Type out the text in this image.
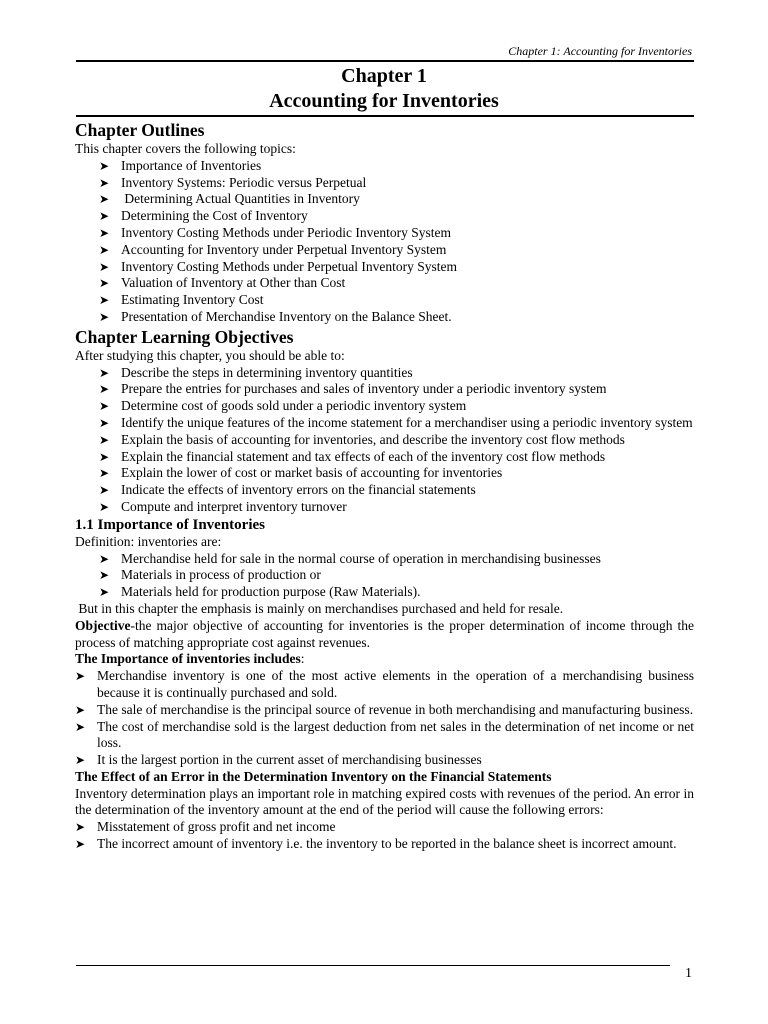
Chapter 1: Accounting for Inventories
Chapter 1
Accounting for Inventories
Chapter Outlines

This chapter covers the following topics:

➤ Importance of Inventories
➤ Inventory Systems: Periodic versus Perpetual
➤ Determining Actual Quantities in Inventory
➤ Determining the Cost of Inventory
➤ Inventory Costing Methods under Periodic Inventory System
➤ Accounting for Inventory under Perpetual Inventory System
➤ Inventory Costing Methods under Perpetual Inventory System
➤ Valuation of Inventory at Other than Cost
➤ Estimating Inventory Cost
➤ Presentation of Merchandise Inventory on the Balance Sheet.
Chapter Learning Objectives

After studying this chapter, you should be able to:

➤ Describe the steps in determining inventory quantities
➤ Prepare the entries for purchases and sales of inventory under a periodic inventory system
➤ Determine cost of goods sold under a periodic inventory system
➤ Identify the unique features of the income statement for a merchandiser using a periodic inventory system
➤ Explain the basis of accounting for inventories, and describe the inventory cost flow methods
➤ Explain the financial statement and tax effects of each of the inventory cost flow methods
➤ Explain the lower of cost or market basis of accounting for inventories
➤ Indicate the effects of inventory errors on the financial statements
➤ Compute and interpret inventory turnover
1.1 Importance of Inventories

Definition: inventories are:

➤ Merchandise held for sale in the normal course of operation in merchandising businesses
➤ Materials in process of production or
➤ Materials held for production purpose (Raw Materials).

But in this chapter the emphasis is mainly on merchandises purchased and held for resale.

Objective-the major objective of accounting for inventories is the proper determination of income through the process of matching appropriate cost against revenues.

The Importance of inventories includes:

➤ Merchandise inventory is one of the most active elements in the operation of a merchandising business because it is continually purchased and sold.
➤ The sale of merchandise is the principal source of revenue in both merchandising and manufacturing business.
➤ The cost of merchandise sold is the largest deduction from net sales in the determination of net income or net loss.
➤ It is the largest portion in the current asset of merchandising businesses

The Effect of an Error in the Determination Inventory on the Financial Statements

Inventory determination plays an important role in matching expired costs with revenues of the period. An error in the determination of the inventory amount at the end of the period will cause the following errors:

➤ Misstatement of gross profit and net income
➤ The incorrect amount of inventory i.e. the inventory to be reported in the balance sheet is incorrect amount.
1
